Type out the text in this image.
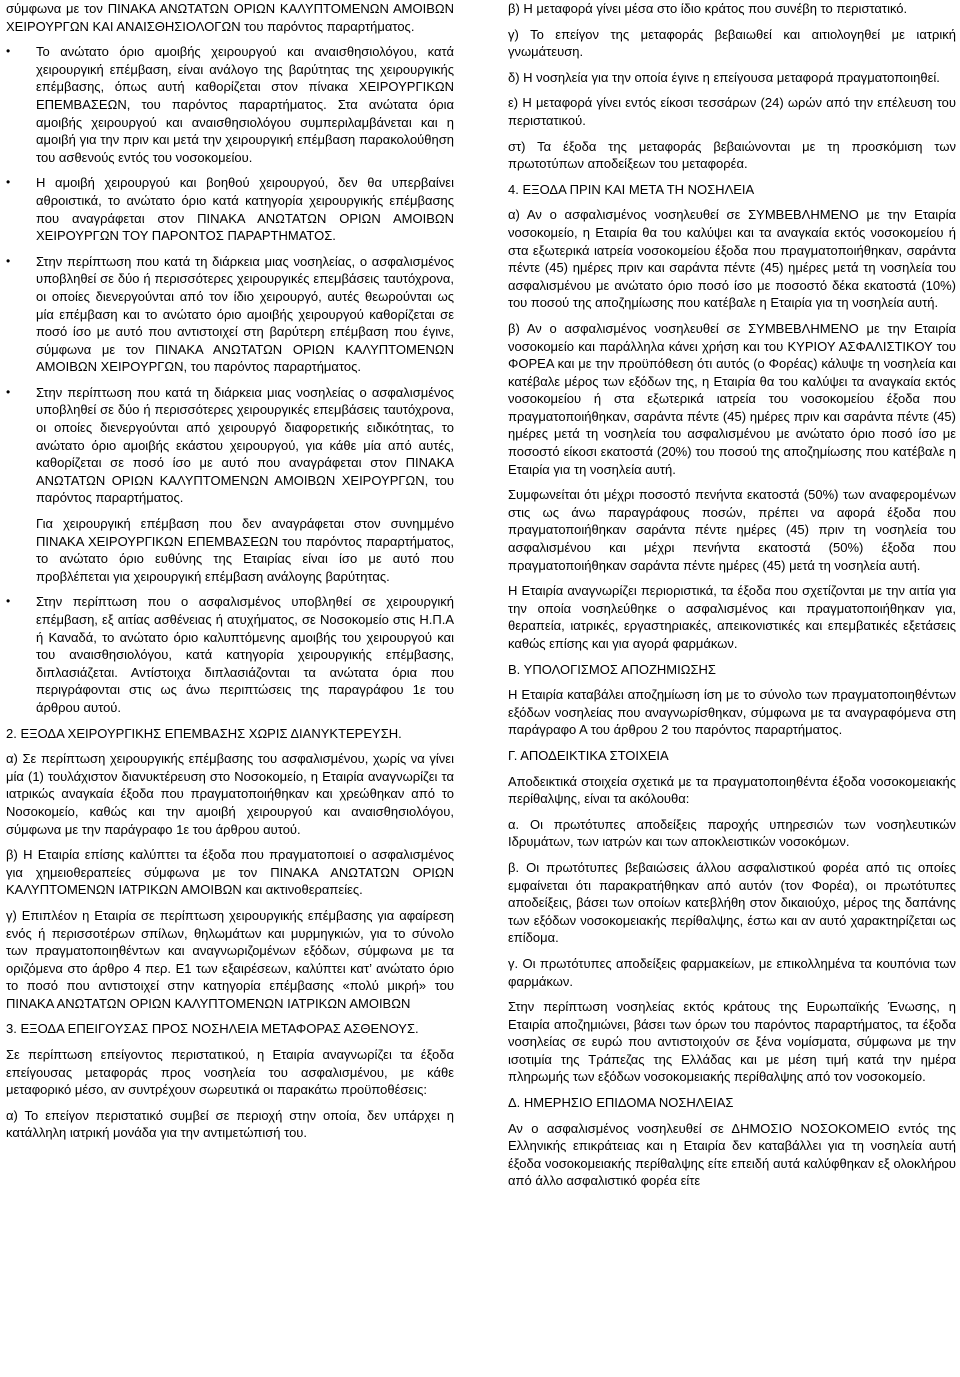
σύμφωνα με τον ΠΙΝΑΚΑ ΑΝΩΤΑΤΩΝ ΟΡΙΩΝ ΚΑΛΥΠΤΟΜΕΝΩΝ ΑΜΟΙΒΩΝ ΧΕΙΡΟΥΡΓΩΝ ΚΑΙ ΑΝΑΙΣΘΗΣΙΟΛΟΓΩΝ του παρόντος παραρτήματος.

• Το ανώτατο όριο αμοιβής χειρουργού και αναισθησιολόγου, κατά χειρουργική επέμβαση, είναι ανάλογο της βαρύτητας της χειρουργικής επέμβασης, όπως αυτή καθορίζεται στον πίνακα ΧΕΙΡΟΥΡΓΙΚΩΝ ΕΠΕΜΒΑΣΕΩΝ, του παρόντος παραρτήματος. Στα ανώτατα όρια αμοιβής χειρουργού και αναισθησιολόγου συμπεριλαμβάνεται και η αμοιβή για την πριν και μετά την χειρουργική επέμβαση παρακολούθηση του ασθενούς εντός του νοσοκομείου.
• Η αμοιβή χειρουργού και βοηθού χειρουργού, δεν θα υπερβαίνει αθροιστικά, το ανώτατο όριο κατά κατηγορία χειρουργικής επέμβασης που αναγράφεται στον ΠΙΝΑΚΑ ΑΝΩΤΑΤΩΝ ΟΡΙΩΝ ΑΜΟΙΒΩΝ ΧΕΙΡΟΥΡΓΩΝ ΤΟΥ ΠΑΡΟΝΤΟΣ ΠΑΡΑΡΤΗΜΑΤΟΣ.
• Στην περίπτωση που κατά τη διάρκεια μιας νοσηλείας, ο ασφαλισμένος υποβληθεί σε δύο ή περισσότερες χειρουργικές επεμβάσεις ταυτόχρονα, οι οποίες διενεργούνται από τον ίδιο χειρουργό, αυτές θεωρούνται ως μία επέμβαση και το ανώτατο όριο αμοιβής χειρουργού καθορίζεται σε ποσό ίσο με αυτό που αντιστοιχεί στη βαρύτερη επέμβαση που έγινε, σύμφωνα με τον ΠΙΝΑΚΑ ΑΝΩΤΑΤΩΝ ΟΡΙΩΝ ΚΑΛΥΠΤΟΜΕΝΩΝ ΑΜΟΙΒΩΝ ΧΕΙΡΟΥΡΓΩΝ, του παρόντος παραρτήματος.
• Στην περίπτωση που κατά τη διάρκεια μιας νοσηλείας ο ασφαλισμένος υποβληθεί σε δύο ή περισσότερες χειρουργικές επεμβάσεις ταυτόχρονα, οι οποίες διενεργούνται από χειρουργό διαφορετικής ειδικότητας, το ανώτατο όριο αμοιβής εκάστου χειρουργού, για κάθε μία από αυτές, καθορίζεται σε ποσό ίσο με αυτό που αναγράφεται στον ΠΙΝΑΚΑ ΑΝΩΤΑΤΩΝ ΟΡΙΩΝ ΚΑΛΥΠΤΟΜΕΝΩΝ ΑΜΟΙΒΩΝ ΧΕΙΡΟΥΡΓΩΝ, του παρόντος παραρτήματος.

Για χειρουργική επέμβαση που δεν αναγράφεται στον συνημμένο ΠΙΝΑΚΑ ΧΕΙΡΟΥΡΓΙΚΩΝ ΕΠΕΜΒΑΣΕΩΝ του παρόντος παραρτήματος, το ανώτατο όριο ευθύνης της Εταιρίας είναι ίσο με αυτό που προβλέπεται για χειρουργική επέμβαση ανάλογης βαρύτητας.

• Στην περίπτωση που ο ασφαλισμένος υποβληθεί σε χειρουργική επέμβαση, εξ αιτίας ασθένειας ή ατυχήματος, σε Νοσοκομείο στις Η.Π.Α ή Καναδά, το ανώτατο όριο καλυπτόμενης αμοιβής του χειρουργού και του αναισθησιολόγου, κατά κατηγορία χειρουργικής επέμβασης, διπλασιάζεται. Αντίστοιχα διπλασιάζονται τα ανώτατα όρια που περιγράφονται στις ως άνω περιπτώσεις της παραγράφου 1ε του άρθρου αυτού.

2. ΕΞΟΔΑ ΧΕΙΡΟΥΡΓΙΚΗΣ ΕΠΕΜΒΑΣΗΣ ΧΩΡΙΣ ΔΙΑΝΥΚΤΕΡΕΥΣΗ.

α) Σε περίπτωση χειρουργικής επέμβασης του ασφαλισμένου, χωρίς να γίνει μία (1) τουλάχιστον διανυκτέρευση στο Νοσοκομείο, η Εταιρία αναγνωρίζει τα ιατρικώς αναγκαία έξοδα που πραγματοποιήθηκαν και χρεώθηκαν από το Νοσοκομείο, καθώς και την αμοιβή χειρουργού και αναισθησιολόγου, σύμφωνα με την παράγραφο 1ε του άρθρου αυτού.

β) Η Εταιρία επίσης καλύπτει τα έξοδα που πραγματοποιεί ο ασφαλισμένος για χημειοθεραπείες σύμφωνα με τον ΠΙΝΑΚΑ ΑΝΩΤΑΤΩΝ ΟΡΙΩΝ ΚΑΛΥΠΤΟΜΕΝΩΝ ΙΑΤΡΙΚΩΝ ΑΜΟΙΒΩΝ και ακτινοθεραπείες.

γ) Επιπλέον η Εταιρία σε περίπτωση χειρουργικής επέμβασης για αφαίρεση ενός ή περισσοτέρων σπίλων, θηλωμάτων και μυρμηγκιών, για το σύνολο των πραγματοποιηθέντων και αναγνωριζομένων εξόδων, σύμφωνα με τα οριζόμενα στο άρθρο 4 περ. Ε1 των εξαιρέσεων, καλύπτει κατ’ ανώτατο όριο το ποσό που αντιστοιχεί στην κατηγορία επέμβασης «πολύ μικρή» του ΠΙΝΑΚΑ ΑΝΩΤΑΤΩΝ ΟΡΙΩΝ ΚΑΛΥΠΤΟΜΕΝΩΝ ΙΑΤΡΙΚΩΝ ΑΜΟΙΒΩΝ

3. ΕΞΟΔΑ ΕΠΕΙΓΟΥΣΑΣ ΠΡΟΣ ΝΟΣΗΛΕΙΑ ΜΕΤΑΦΟΡΑΣ ΑΣΘΕΝΟΥΣ.

Σε περίπτωση επείγοντος περιστατικού, η Εταιρία αναγνωρίζει τα έξοδα επείγουσας μεταφοράς προς νοσηλεία του ασφαλισμένου, με κάθε μεταφορικό μέσο, αν συντρέχουν σωρευτικά οι παρακάτω προϋποθέσεις:

α) Το επείγον περιστατικό συμβεί σε περιοχή στην οποία, δεν υπάρχει η κατάλληλη ιατρική μονάδα για την αντιμετώπισή του.

β) Η μεταφορά γίνει μέσα στο ίδιο κράτος που συνέβη το περιστατικό.

γ) Το επείγον της μεταφοράς βεβαιωθεί και αιτιολογηθεί με ιατρική γνωμάτευση.

δ) Η νοσηλεία για την οποία έγινε η επείγουσα μεταφορά πραγματοποιηθεί.

ε) Η μεταφορά γίνει εντός είκοσι τεσσάρων (24) ωρών από την επέλευση του περιστατικού.

στ) Τα έξοδα της μεταφοράς βεβαιώνονται με τη προσκόμιση των πρωτοτύπων αποδείξεων του μεταφορέα.

4. ΕΞΟΔΑ ΠΡΙΝ ΚΑΙ ΜΕΤΑ ΤΗ ΝΟΣΗΛΕΙΑ

α) Αν ο ασφαλισμένος νοσηλευθεί σε ΣΥΜΒΕΒΛΗΜΕΝΟ με την Εταιρία νοσοκομείο, η Εταιρία θα του καλύψει και τα αναγκαία εκτός νοσοκομείου ή στα εξωτερικά ιατρεία νοσοκομείου έξοδα που πραγματοποιήθηκαν, σαράντα πέντε (45) ημέρες πριν και σαράντα πέντε (45) ημέρες μετά τη νοσηλεία του ασφαλισμένου με ανώτατο όριο ποσό ίσο με ποσοστό δέκα εκατοστά (10%) του ποσού της αποζημίωσης που κατέβαλε η Εταιρία για τη νοσηλεία αυτή.

β) Αν ο ασφαλισμένος νοσηλευθεί σε ΣΥΜΒΕΒΛΗΜΕΝΟ με την Εταιρία νοσοκομείο και παράλληλα κάνει χρήση και του ΚΥΡΙΟΥ ΑΣΦΑΛΙΣΤΙΚΟΥ του ΦΟΡΕΑ και με την προϋπόθεση ότι αυτός (ο Φορέας) κάλυψε τη νοσηλεία και κατέβαλε μέρος των εξόδων της, η Εταιρία θα του καλύψει τα αναγκαία εκτός νοσοκομείου ή στα εξωτερικά ιατρεία του νοσοκομείου έξοδα που πραγματοποιήθηκαν, σαράντα πέντε (45) ημέρες πριν και σαράντα πέντε (45) ημέρες μετά τη νοσηλεία του ασφαλισμένου με ανώτατο όριο ποσό ίσο με ποσοστό είκοσι εκατοστά (20%) του ποσού της αποζημίωσης που κατέβαλε η Εταιρία για τη νοσηλεία αυτή.

Συμφωνείται ότι μέχρι ποσοστό πενήντα εκατοστά (50%) των αναφερομένων στις ως άνω παραγράφους ποσών, πρέπει να αφορά έξοδα που πραγματοποιήθηκαν σαράντα πέντε ημέρες (45) πριν τη νοσηλεία του ασφαλισμένου και μέχρι πενήντα εκατοστά (50%) έξοδα που πραγματοποιήθηκαν σαράντα πέντε ημέρες (45) μετά τη νοσηλεία αυτή.

Η Εταιρία αναγνωρίζει περιοριστικά, τα έξοδα που σχετίζονται με την αιτία για την οποία νοσηλεύθηκε ο ασφαλισμένος και πραγματοποιήθηκαν για, θεραπεία, ιατρικές, εργαστηριακές, απεικονιστικές και επεμβατικές εξετάσεις καθώς επίσης και για αγορά φαρμάκων.

Β. ΥΠΟΛΟΓΙΣΜΟΣ ΑΠΟΖΗΜΙΩΣΗΣ

Η Εταιρία καταβάλει αποζημίωση ίση με το σύνολο των πραγματοποιηθέντων εξόδων νοσηλείας που αναγνωρίσθηκαν, σύμφωνα με τα αναγραφόμενα στη παράγραφο Α του άρθρου 2 του παρόντος παραρτήματος.

Γ. ΑΠΟΔΕΙΚΤΙΚΑ ΣΤΟΙΧΕΙΑ

Αποδεικτικά στοιχεία σχετικά με τα πραγματοποιηθέντα έξοδα νοσοκομειακής περίθαλψης, είναι τα ακόλουθα:

α. Οι πρωτότυπες αποδείξεις παροχής υπηρεσιών των νοσηλευτικών Ιδρυμάτων, των ιατρών και των απoκλειστικών νοσοκόμων.

β. Οι πρωτότυπες βεβαιώσεις άλλου ασφαλιστικού φορέα από τις οποίες εμφαίνεται ότι παρακρατήθηκαν από αυτόν (τον Φορέα), οι πρωτότυπες αποδείξεις, βάσει των οποίων κατεβλήθη στον δικαιούχο, μέρος της δαπάνης των εξόδων νοσοκομειακής περίθαλψης, έστω και αν αυτό χαρακτηρίζεται ως επίδομα.

γ. Οι πρωτότυπες αποδείξεις φαρμακείων, με επικολλημένα τα κουπόνια των φαρμάκων.

Στην περίπτωση νοσηλείας εκτός κράτους της Ευρωπαϊκής Ένωσης, η Εταιρία αποζημιώνει, βάσει των όρων του παρόντος παραρτήματος, τα έξοδα νοσηλείας σε ευρώ που αντιστοιχούν σε ξένα νομίσματα, σύμφωνα με την ισοτιμία της Τράπεζας της Ελλάδας και με μέση τιμή κατά την ημέρα πληρωμής των εξόδων νοσοκομειακής περίθαλψης από τον νοσοκομείο.

Δ. ΗΜΕΡΗΣΙΟ ΕΠΙΔΟΜΑ ΝΟΣΗΛΕΙΑΣ

Αν ο ασφαλισμένος νοσηλευθεί σε ΔΗΜΟΣΙΟ ΝΟΣΟΚΟΜΕΙΟ εντός της Ελληνικής επικράτειας και η Εταιρία δεν καταβάλλει για τη νοσηλεία αυτή έξοδα νοσοκομειακής περίθαλψης είτε επειδή αυτά καλύφθηκαν εξ ολοκλήρου από άλλο ασφαλιστικό φορέα είτε
